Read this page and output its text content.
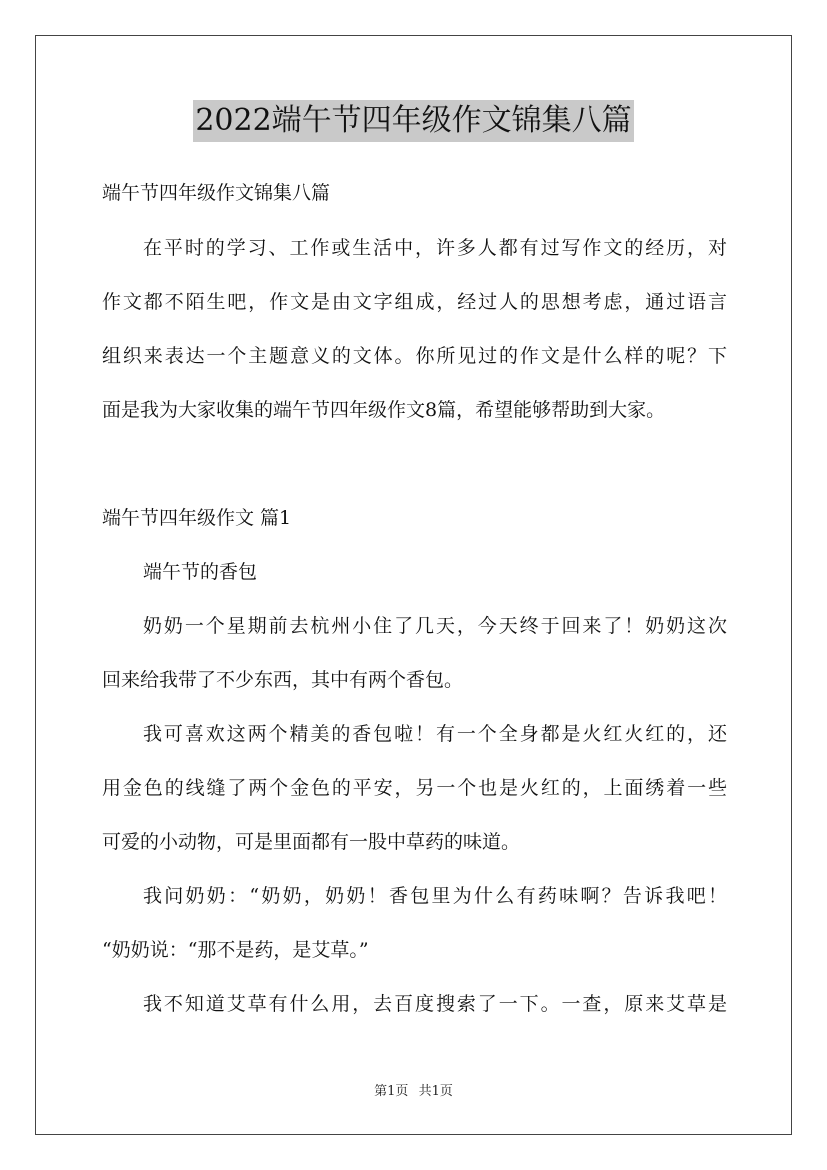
2022端午节四年级作文锦集八篇
端午节四年级作文锦集八篇
在平时的学习、工作或生活中，许多人都有过写作文的经历，对
作文都不陌生吧，作文是由文字组成，经过人的思想考虑，通过语言
组织来表达一个主题意义的文体。你所见过的作文是什么样的呢？下
面是我为大家收集的端午节四年级作文8篇，希望能够帮助到大家。
端午节四年级作文 篇1
端午节的香包
奶奶一个星期前去杭州小住了几天，今天终于回来了！奶奶这次
回来给我带了不少东西，其中有两个香包。
我可喜欢这两个精美的香包啦！有一个全身都是火红火红的，还
用金色的线缝了两个金色的平安，另一个也是火红的，上面绣着一些
可爱的小动物，可是里面都有一股中草药的味道。
我问奶奶：“奶奶，奶奶！香包里为什么有药味啊？告诉我吧！
“奶奶说：“那不是药，是艾草。”
我不知道艾草有什么用，去百度搜索了一下。一查，原来艾草是
第1页 共1页
